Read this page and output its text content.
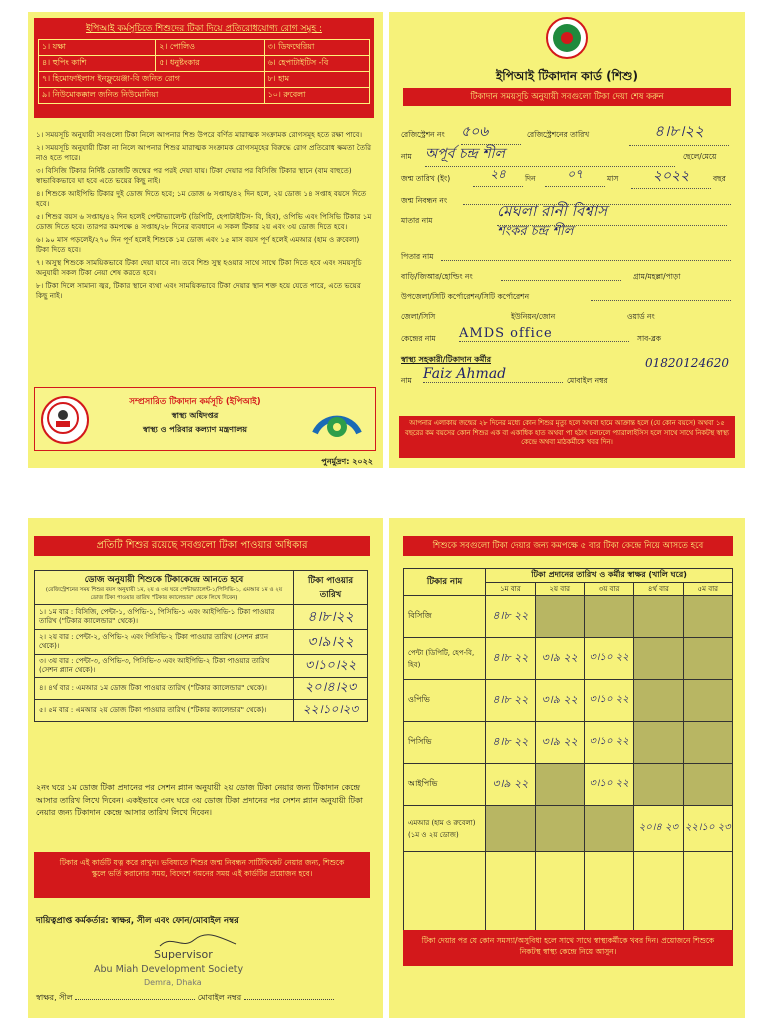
ইপিআই কর্মসূচিতে শিশুদের টিকা দিয়ে প্রতিরোধযোগ্য রোগ সমূহ :
১। যক্ষা	২। পোলিও	৩। ডিফথেরিয়া
৪। হুপিং কাশি	৫। ধনুষ্টংকার	৬। হেপাটাইটিস -বি
৭। হিমোফাইলাস ইনফ্লুয়েঞ্জা-বি জনিত রোগ		৮। হাম
৯। নিউমোকক্কাল জনিত নিউমোনিয়া		১০। রুবেলা
১। সময়সূচি অনুযায়ী সবগুলো টিকা নিলে আপনার শিশু উপরে বর্ণিত মারাত্মক সংক্রামক রোগসমূহ হতে রক্ষা পাবে।
২। সময়সূচি অনুযায়ী টিকা না নিলে আপনার শিশুর মারাত্মক সংক্রামক রোগসমূহের বিরুদ্ধে রোগ প্রতিরোধ ক্ষমতা তৈরি নাও হতে পারে।
৩। বিসিজি টিকার নির্দিষ্ট ডোজটি জন্মের পর পরই দেয়া যায়। টিকা দেয়ার পর বিসিজি টিকার স্থানে (বাম বাহুতে) স্বাভাবিকভাবে ঘা হবে এতে ভয়ের কিছু নাই।
৪। শিশুকে আইপিভি টিকার দুই ডোজ দিতে হবে; ১ম ডোজ ৬ সপ্তাহ/৪২ দিন হলে, ২য় ডোজ ১৪ সপ্তাহ বয়সে দিতে হবে।
৫। শিশুর বয়স ৬ সপ্তাহ/৪২ দিন হলেই পেন্টাভ্যালেন্ট (ডিপিটি, হেপাটাইটিস- বি, হিব), ওপিভি এবং পিসিভি টিকার ১ম ডোজ দিতে হবে। তারপর কমপক্ষে ৪ সপ্তাহ/২৮ দিনের ব্যবধানে এ সকল টিকার ২য় এবং ৩য় ডোজ দিতে হবে।
৬। ৯০ মাস পড়লেই/২৭০ দিন পূর্ণ হলেই শিশুকে ১ম ডোজ এবং ১৫ মাস বয়স পূর্ণ হলেই এমআর (হাম ও রুবেলা) টিকা দিতে হবে।
৭। অসুস্থ শিশুকে সাময়িকভাবে টিকা দেয়া যাবে না। তবে শিশু সুস্থ হওয়ার সাথে সাথে টিকা দিতে হবে এবং সময়সূচি অনুযায়ী সকল টিকা নেয়া শেষ করতে হবে।
৮। টিকা দিলে সামান্য জ্বর, টিকার স্থানে ব্যথা এবং সাময়িকভাবে টিকা দেয়ার স্থান শক্ত হয়ে যেতে পারে, এতে ভয়ের কিছু নাই।
সম্প্রসারিত টিকাদান কর্মসূচি (ইপিআই)
স্বাস্থ্য অধিদপ্তর
স্বাস্থ্য ও পরিবার কল্যাণ মন্ত্রণালয়
পুনর্মুদ্রণ: ২০২২
ইপিআই টিকাদান কার্ড (শিশু)
টিকাদান সময়সূচি অনুযায়ী সবগুলো টিকা দেয়া শেষ করুন
রেজিস্ট্রেশন নং ৫০৬	রেজিস্ট্রেশনের তারিখ	৪।৮।২২
নাম অপূর্ব চন্দ্র শীল	ছেলে/মেয়ে
জন্ম তারিখ (ইং)	২৪	দিন	০৭	মাস	২০২২	বছর
জন্ম নিবন্ধন নং
মাতার নাম
মেঘলা রানী বিশ্বাস
শংকর চন্দ্র শীল
পিতার নাম
বাড়ি/জিআর/হোল্ডিং নং	গ্রাম/মহল্লা/পাড়া
উপজেলা/সিটি কর্পোরেশন/সিটি কর্পোরেশন
জেলা/সিসি	ইউনিয়ন/জোন	ওয়ার্ড নং
কেন্দ্রের নাম AMDS office	সাব-ব্লক
স্বাস্থ্য সহকারী/টিকাদান কর্মীর
নাম Faiz Ahmad	মোবাইল নম্বর
01820124620
আপনার এলাকায় জন্মের ২৮ দিনের মধ্যে কোন শিশুর মৃত্যু হলে অথবা হামে আক্রান্ত হলে (যে কোন বয়সে) অথবা ১৫ বছরের কম বয়সের কোন শিশুর এক বা একাধিক হাত অথবা পা হঠাৎ ঢলঢলে প্যারালাইসিস হলে সাথে সাথে নিকটস্থ স্বাস্থ্য কেন্দ্রে অথবা মাঠকর্মীকে খবর দিন।
প্রতিটি শিশুর রয়েছে সবগুলো টিকা পাওয়ার অধিকার
ডোজ অনুযায়ী শিশুকে টিকাকেন্দ্রে আনতে হবে
(রেজিস্ট্রেশনের সময় শিশুর বয়স অনুযায়ী ১ম, ২য় ও ৩য় ঘরে পেন্টাভ্যালেন্ট-১/পিসিভি-১, এমআর ১ম ও ২য় ডোজ টিকা পাওয়ার তারিখ "টিকার ক্যালেন্ডার" থেকে লিখে দিবেন)	টিকা পাওয়ার তারিখ
১। ১ম বার : বিসিজি, পেন্টা-১, ওপিভি-১, পিসিভি-১ এবং আইপিভি-১ টিকা পাওয়ার তারিখ ("টিকার ক্যালেন্ডার" থেকে)।	৪।৮।২২
২। ২য় বার : পেন্টা-২, ওপিভি-২ এবং পিসিভি-২ টিকা পাওয়ার তারিখ (সেশন প্ল্যান থেকে)।	৩।৯।২২
৩। ৩য় বার : পেন্টা-৩, ওপিভি-৩, পিসিভি-৩ এবং আইপিভি-২ টিকা পাওয়ার তারিখ (সেশন প্ল্যান থেকে)।	৩।১০।২২
৪। ৪র্থ বার : এমআর ১ম ডোজ টিকা পাওয়ার তারিখ ("টিকার ক্যালেন্ডার" থেকে)।	২০।৪।২৩
৫। ৫ম বার : এমআর ২য় ডোজ টিকা পাওয়ার তারিখ ("টিকার ক্যালেন্ডার" থেকে)।	২২।১০।২৩
২নং ঘরে ১ম ডোজ টিকা প্রদানের পর সেশন প্ল্যান অনুযায়ী ২য় ডোজ টিকা নেয়ার জন্য টিকাদান কেন্দ্রে আসার তারিখ লিখে দিবেন। একইভাবে ৩নং ঘরে ৩য় ডোজ টিকা প্রদানের পর সেশন প্ল্যান অনুযায়ী টিকা নেয়ার জন্য টিকাদান কেন্দ্রে আসার তারিখ লিখে দিবেন।
টিকার এই কার্ডটি যত্ন করে রাখুন। ভবিষ্যতে শিশুর জন্ম নিবন্ধন সার্টিফিকেট নেয়ার জন্য, শিশুকে স্কুলে ভর্তি করানোর সময়, বিদেশে গমনের সময় এই কার্ডটির প্রয়োজন হবে।
দায়িত্বপ্রাপ্ত কর্মকর্তার: স্বাক্ষর, সীল এবং ফোন/মোবাইল নম্বর
Supervisor
Abu Miah Development Society
Demra, Dhaka
স্বাক্ষর, সীল	মোবাইল নম্বর
শিশুকে সবগুলো টিকা দেয়ার জন্য কমপক্ষে ৫ বার টিকা কেন্দ্রে নিয়ে আসতে হবে
টিকার নাম	টিকা প্রদানের তারিখ ও কর্মীর স্বাক্ষর (খালি ঘরে)				
	১ম বার	২য় বার	৩য় বার	৪র্থ বার	৫ম বার
বিসিজি	৪।৮ ২২				
পেন্টা (ডিপিটি, হেপ-বি, হিব)	৪।৮ ২২	৩।৯ ২২	৩।১০ ২২		
ওপিভি	৪।৮ ২২	৩।৯ ২২	৩।১০ ২২		
পিসিভি	৪।৮ ২২	৩।৯ ২২	৩।১০ ২২		
আইপিভি	৩।৯ ২২		৩।১০ ২২		
এমআর (হাম ও রুবেলা) (১ম ও ২য় ডোজ)				২০।৪ ২৩	২২।১০ ২৩

টিকা দেয়ার পর যে কোন সমস্যা/অসুবিধা হলে সাথে সাথে স্বাস্থ্যকর্মীকে খবর দিন। প্রয়োজনে শিশুকে নিকটস্থ স্বাস্থ্য কেন্দ্রে নিয়ে আসুন।
